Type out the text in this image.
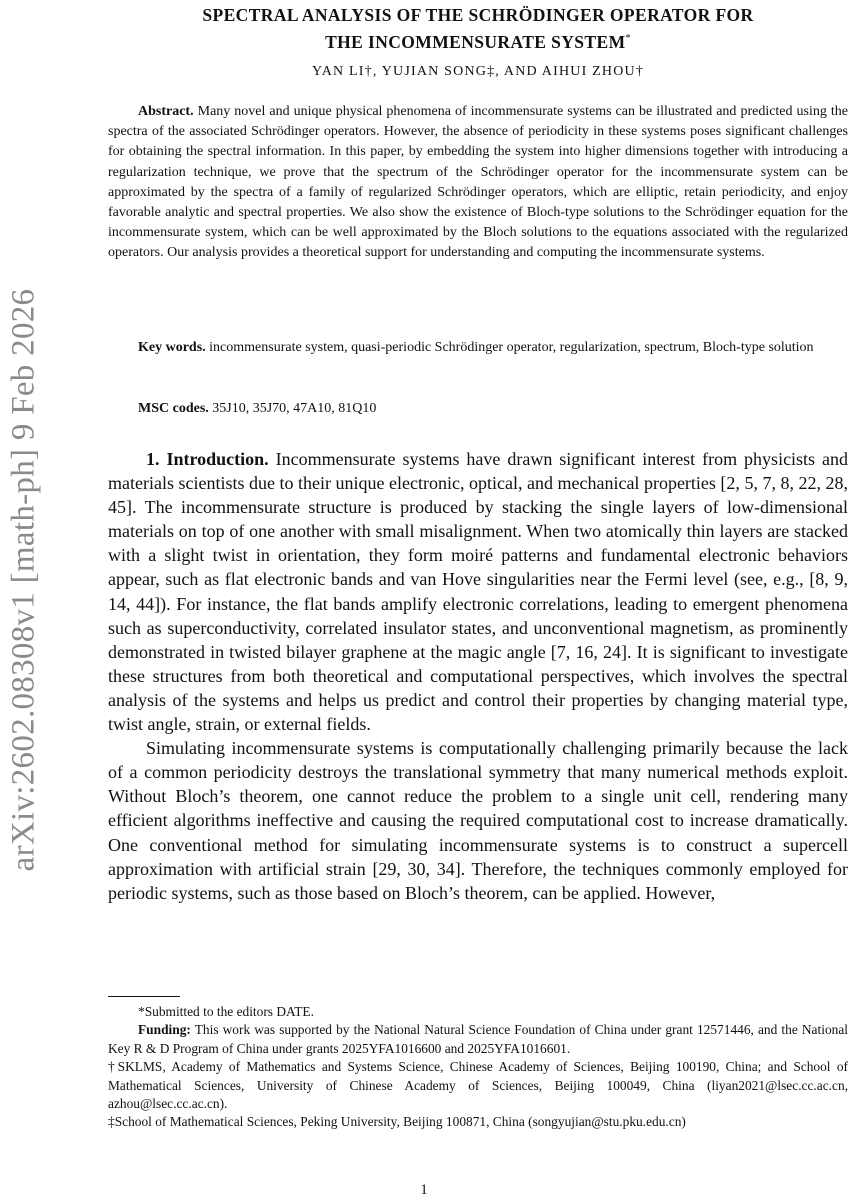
arXiv:2602.08308v1 [math-ph] 9 Feb 2026
SPECTRAL ANALYSIS OF THE SCHRÖDINGER OPERATOR FOR
THE INCOMMENSURATE SYSTEM*
YAN LI†, YUJIAN SONG‡, AND AIHUI ZHOU†

Abstract. Many novel and unique physical phenomena of incommensurate systems can be illustrated and predicted using the spectra of the associated Schrödinger operators. However, the absence of periodicity in these systems poses significant challenges for obtaining the spectral information. In this paper, by embedding the system into higher dimensions together with introducing a regularization technique, we prove that the spectrum of the Schrödinger operator for the incommensurate system can be approximated by the spectra of a family of regularized Schrödinger operators, which are elliptic, retain periodicity, and enjoy favorable analytic and spectral properties. We also show the existence of Bloch-type solutions to the Schrödinger equation for the incommensurate system, which can be well approximated by the Bloch solutions to the equations associated with the regularized operators. Our analysis provides a theoretical support for understanding and computing the incommensurate systems.

Key words. incommensurate system, quasi-periodic Schrödinger operator, regularization, spectrum, Bloch-type solution

MSC codes. 35J10, 35J70, 47A10, 81Q10

1. Introduction. Incommensurate systems have drawn significant interest from physicists and materials scientists due to their unique electronic, optical, and mechanical properties [2, 5, 7, 8, 22, 28, 45]. The incommensurate structure is produced by stacking the single layers of low-dimensional materials on top of one another with small misalignment. When two atomically thin layers are stacked with a slight twist in orientation, they form moiré patterns and fundamental electronic behaviors appear, such as flat electronic bands and van Hove singularities near the Fermi level (see, e.g., [8, 9, 14, 44]). For instance, the flat bands amplify electronic correlations, leading to emergent phenomena such as superconductivity, correlated insulator states, and unconventional magnetism, as prominently demonstrated in twisted bilayer graphene at the magic angle [7, 16, 24]. It is significant to investigate these structures from both theoretical and computational perspectives, which involves the spectral analysis of the systems and helps us predict and control their properties by changing material type, twist angle, strain, or external fields.

Simulating incommensurate systems is computationally challenging primarily because the lack of a common periodicity destroys the translational symmetry that many numerical methods exploit. Without Bloch’s theorem, one cannot reduce the problem to a single unit cell, rendering many efficient algorithms ineffective and causing the required computational cost to increase dramatically. One conventional method for simulating incommensurate systems is to construct a supercell approximation with artificial strain [29, 30, 34]. Therefore, the techniques commonly employed for periodic systems, such as those based on Bloch’s theorem, can be applied. However,

*Submitted to the editors DATE.

Funding: This work was supported by the National Natural Science Foundation of China under grant 12571446, and the National Key R & D Program of China under grants 2025YFA1016600 and 2025YFA1016601.

†SKLMS, Academy of Mathematics and Systems Science, Chinese Academy of Sciences, Beijing 100190, China; and School of Mathematical Sciences, University of Chinese Academy of Sciences, Beijing 100049, China (liyan2021@lsec.cc.ac.cn, azhou@lsec.cc.ac.cn).

‡School of Mathematical Sciences, Peking University, Beijing 100871, China (songyujian@stu.pku.edu.cn)

1
